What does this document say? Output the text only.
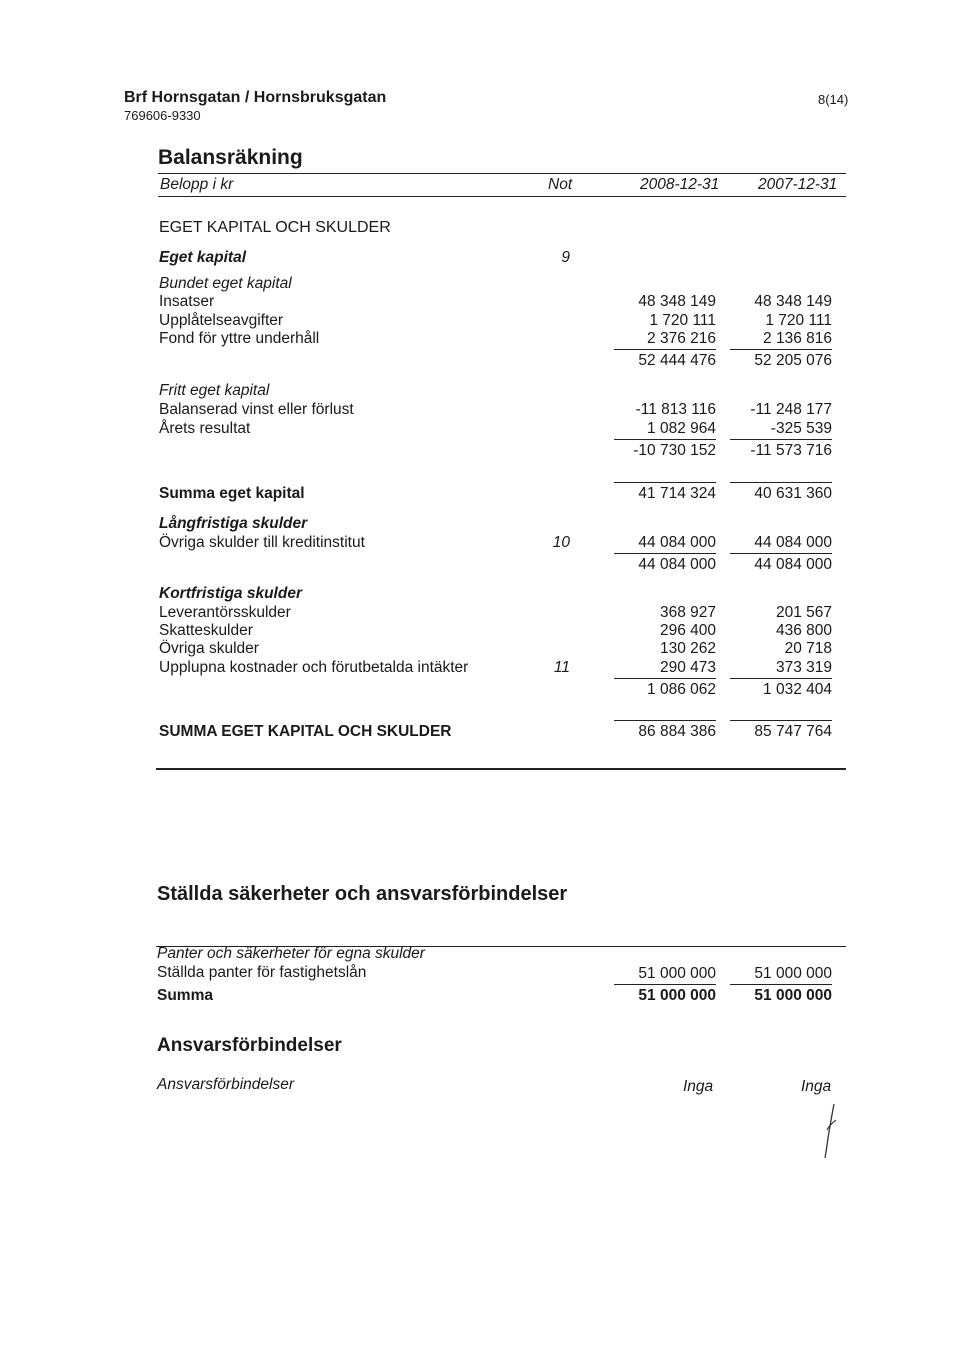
Brf Hornsgatan / Hornsbruksgatan
769606-9330
8(14)
Balansräkning
Belopp i kr	Not	2008-12-31 2007-12-31
EGET KAPITAL OCH SKULDER
Eget kapital	9
Bundet eget kapital
Insatser	48 348 149	48 348 149
Upplåtelseavgifter	1 720 111	1 720 111
Fond för yttre underhåll	2 376 216	2 136 816
52 444 476	52 205 076
Fritt eget kapital
Balanserad vinst eller förlust	-11 813 116	-11 248 177
Årets resultat	1 082 964	-325 539
-10 730 152	-11 573 716
Summa eget kapital	41 714 324	40 631 360
Långfristiga skulder
Övriga skulder till kreditinstitut	10	44 084 000	44 084 000
44 084 000	44 084 000
Kortfristiga skulder
Leverantörsskulder	368 927	201 567
Skatteskulder	296 400	436 800
Övriga skulder	130 262	20 718
Upplupna kostnader och förutbetalda intäkter	11	290 473	373 319
1 086 062	1 032 404
SUMMA EGET KAPITAL OCH SKULDER	86 884 386	85 747 764
Ställda säkerheter och ansvarsförbindelser
Panter och säkerheter för egna skulder
Ställda panter för fastighetslån	51 000 000	51 000 000
Summa	51 000 000	51 000 000
Ansvarsförbindelser
Ansvarsförbindelser	Inga	Inga
